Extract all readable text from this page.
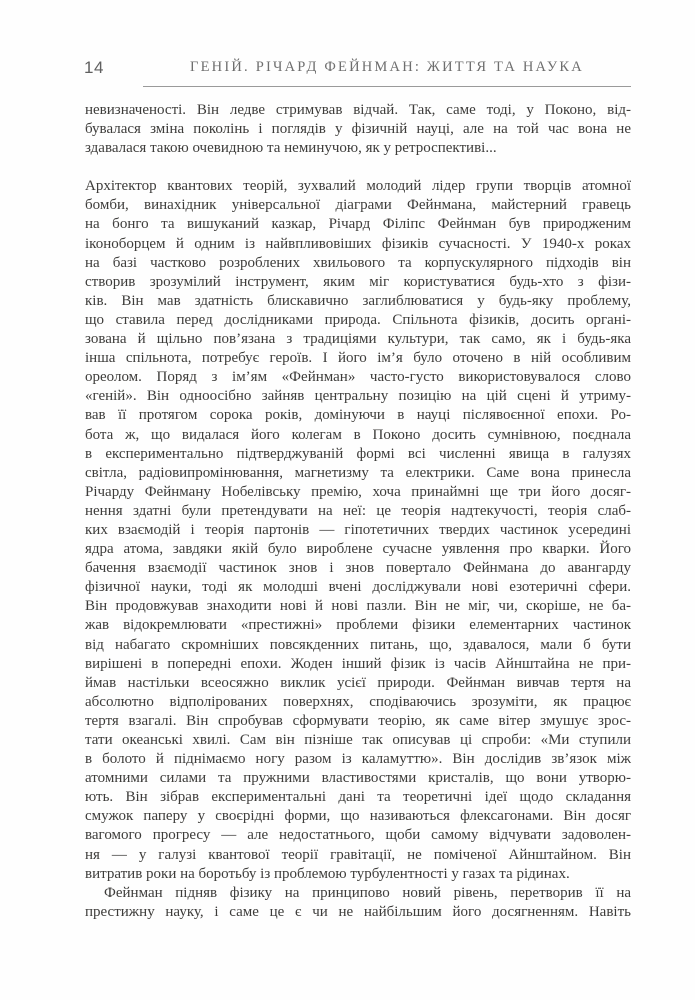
14	ГЕНІЙ. РІЧАРД ФЕЙНМАН: ЖИТТЯ ТА НАУКА
невизначеності. Він ледве стримував відчай. Так, саме тоді, у Поконо, від-
бувалася зміна поколінь і поглядів у фізичній науці, але на той час вона не
здавалася такою очевидною та неминучою, як у ретроспективі...
Архітектор квантових теорій, зухвалий молодий лідер групи творців атомної
бомби, винахідник універсальної діаграми Фейнмана, майстерний гравець
на бонго та вишуканий казкар, Річард Філіпс Фейнман був природженим
іконоборцем й одним із найвпливовіших фізиків сучасності. У 1940-х роках
на базі частково розроблених хвильового та корпускулярного підходів він
створив зрозумілий інструмент, яким міг користуватися будь-хто з фізи-
ків. Він мав здатність блискавично заглиблюватися у будь-яку проблему,
що ставила перед дослідниками природа. Спільнота фізиків, досить органі-
зована й щільно пов’язана з традиціями культури, так само, як і будь-яка
інша спільнота, потребує героїв. І його ім’я було оточено в ній особливим
ореолом. Поряд з ім’ям «Фейнман» часто-густо використовувалося слово
«геній». Він одноосібно зайняв центральну позицію на цій сцені й утриму-
вав її протягом сорока років, домінуючи в науці післявоєнної епохи. Ро-
бота ж, що видалася його колегам в Поконо досить сумнівною, поєднала
в експериментально підтверджуваній формі всі численні явища в галузях
світла, радіовипромінювання, магнетизму та електрики. Саме вона принесла
Річарду Фейнману Нобелівську премію, хоча принаймні ще три його досяг-
нення здатні були претендувати на неї: це теорія надтекучості, теорія слаб-
ких взаємодій і теорія партонів — гіпотетичних твердих частинок усередині
ядра атома, завдяки якій було вироблене сучасне уявлення про кварки. Його
бачення взаємодії частинок знов і знов повертало Фейнмана до авангарду
фізичної науки, тоді як молодші вчені досліджували нові езотеричні сфери.
Він продовжував знаходити нові й нові пазли. Він не міг, чи, скоріше, не ба-
жав відокремлювати «престижні» проблеми фізики елементарних частинок
від набагато скромніших повсякденних питань, що, здавалося, мали б бути
вирішені в попередні епохи. Жоден інший фізик із часів Айнштайна не при-
ймав настільки всеосяжно виклик усієї природи. Фейнман вивчав тертя на
абсолютно відполірованих поверхнях, сподіваючись зрозуміти, як працює
тертя взагалі. Він спробував сформувати теорію, як саме вітер змушує зрос-
тати океанські хвилі. Сам він пізніше так описував ці спроби: «Ми ступили
в болото й піднімаємо ногу разом із каламуттю». Він дослідив зв’язок між
атомними силами та пружними властивостями кристалів, що вони утворю-
ють. Він зібрав експериментальні дані та теоретичні ідеї щодо складання
смужок паперу у своєрідні форми, що називаються флексагонами. Він досяг
вагомого прогресу — але недостатнього, щоби самому відчувати задоволен-
ня — у галузі квантової теорії гравітації, не поміченої Айнштайном. Він
витратив роки на боротьбу із проблемою турбулентності у газах та рідинах.
Фейнман підняв фізику на принципово новий рівень, перетворив її на
престижну науку, і саме це є чи не найбільшим його досягненням. Навіть
